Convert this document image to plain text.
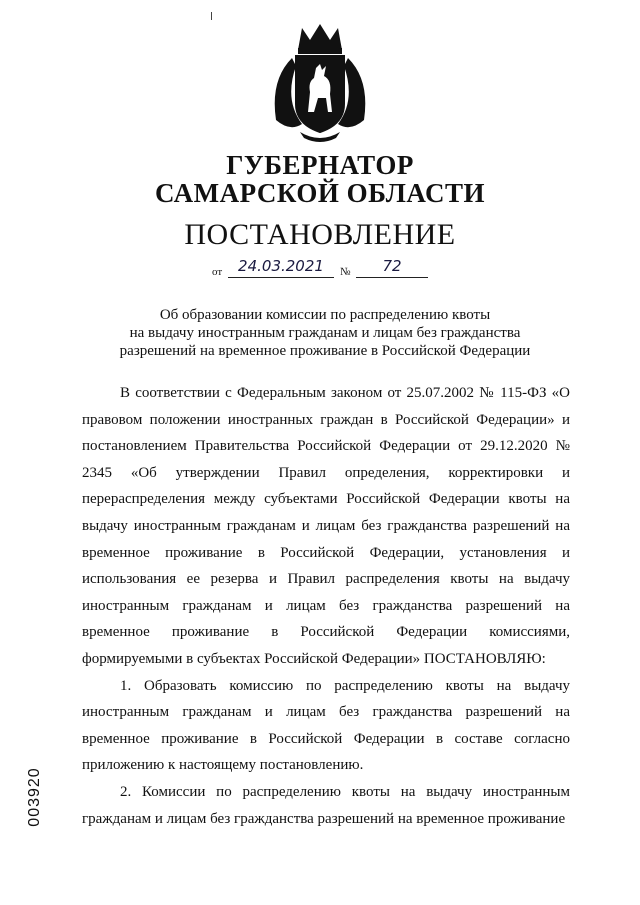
ГУБЕРНАТОР
САМАРСКОЙ ОБЛАСТИ
ПОСТАНОВЛЕНИЕ
от	24.03.2021	№	72
Об образовании комиссии по распределению квоты
на выдачу иностранным гражданам и лицам без гражданства
разрешений на временное проживание в Российской Федерации

В соответствии с Федеральным законом от 25.07.2002 № 115-ФЗ «О правовом положении иностранных граждан в Российской Федерации» и постановлением Правительства Российской Федерации от 29.12.2020 № 2345 «Об утверждении Правил определения, корректировки и перераспределения между субъектами Российской Федерации квоты на выдачу иностранным гражданам и лицам без гражданства разрешений на временное проживание в Российской Федерации, установления и использования ее резерва и Правил распределения квоты на выдачу иностранным гражданам и лицам без гражданства разрешений на временное проживание в Российской Федерации комиссиями, формируемыми в субъектах Российской Федерации» ПОСТАНОВЛЯЮ:

1. Образовать комиссию по распределению квоты на выдачу иностранным гражданам и лицам без гражданства разрешений на временное проживание в Российской Федерации в составе согласно приложению к настоящему постановлению.

2. Комиссии по распределению квоты на выдачу иностранным гражданам и лицам без гражданства разрешений на временное проживание

003920
